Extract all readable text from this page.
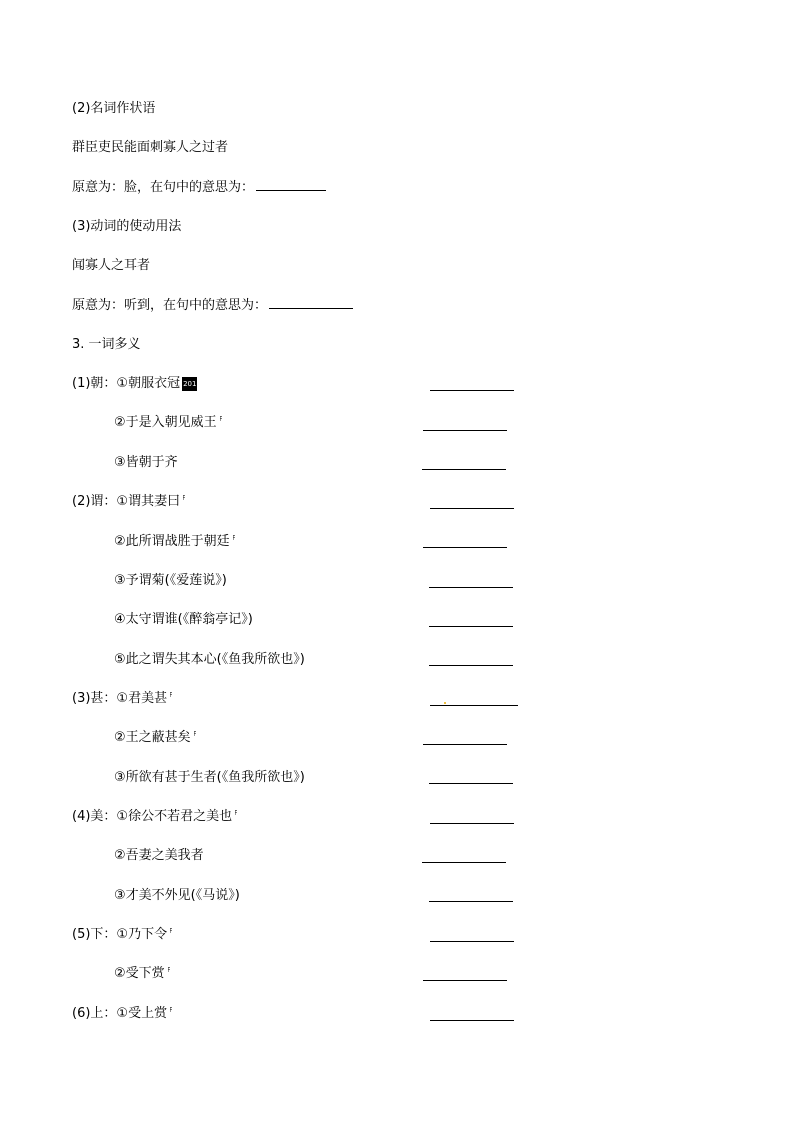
(2)名词作状语
群臣吏民能面刺寡人之过者
原意为：脸，在句中的意思为：
(3)动词的使动用法
闻寡人之耳者
原意为：听到，在句中的意思为：
3. 一词多义
(1)朝：①朝服衣冠 201
②于是入朝见威王 F
③皆朝于齐
(2)谓：①谓其妻曰 F
②此所谓战胜于朝廷 F
③予谓菊(《爱莲说》)
④太守谓谁(《醉翁亭记》)
⑤此之谓失其本心(《鱼我所欲也》)
(3)甚：①君美甚 F
②王之蔽甚矣 F
③所欲有甚于生者(《鱼我所欲也》)
(4)美：①徐公不若君之美也 F
②吾妻之美我者
③才美不外见(《马说》)
(5)下：①乃下令 F
②受下赏 F
(6)上：①受上赏 F
